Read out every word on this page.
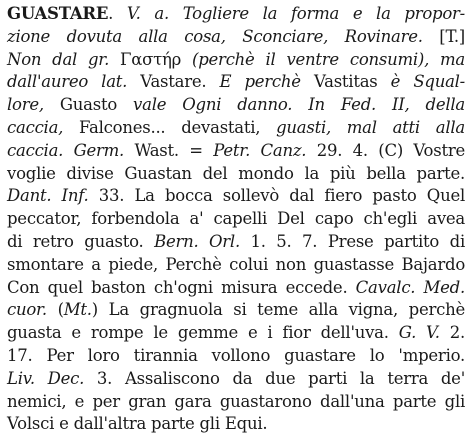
GUASTARE. V. a. Togliere la forma e la propor-
zione dovuta alla cosa, Sconciare, Rovinare. [T.]
Non dal gr. Γαστήρ (perchè il ventre consumi), ma
dall'aureo lat. Vastare. E perchè Vastitas è Squal-
lore, Guasto vale Ogni danno. In Fed. II, della
caccia, Falcones... devastati, guasti, mal atti alla
caccia. Germ. Wast. = Petr. Canz. 29. 4. (C) Vostre
voglie divise Guastan del mondo la più bella parte.
Dant. Inf. 33. La bocca sollevò dal fiero pasto Quel
peccator, forbendola a' capelli Del capo ch'egli avea
di retro guasto. Bern. Orl. 1. 5. 7. Prese partito di
smontare a piede, Perchè colui non guastasse Bajardo
Con quel baston ch'ogni misura eccede. Cavalc. Med.
cuor. (Mt.) La gragnuola si teme alla vigna, perchè
guasta e rompe le gemme e i fior dell'uva. G. V. 2.
17. Per loro tirannia vollono guastare lo 'mperio.
Liv. Dec. 3. Assaliscono da due parti la terra de'
nemici, e per gran gara guastarono dall'una parte gli
Volsci e dall'altra parte gli Equi.
